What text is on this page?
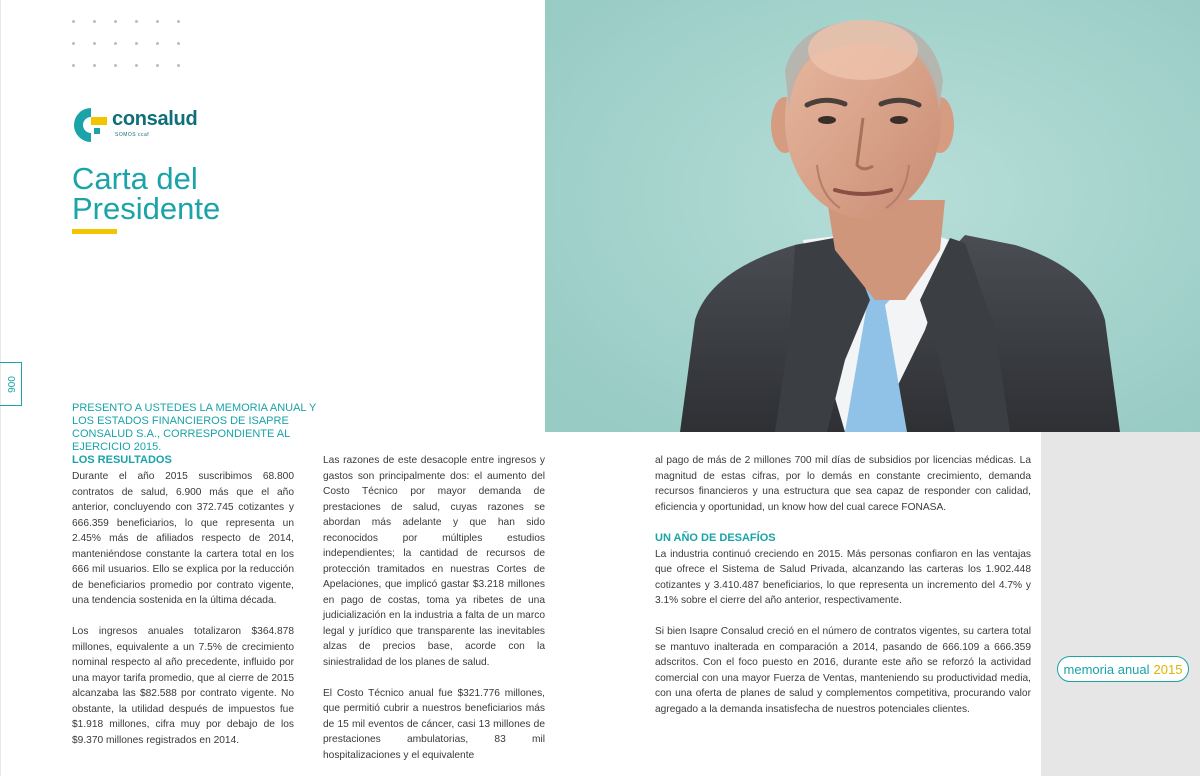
consalud
SOMOS ccaf
Carta del
Presidente
006

PRESENTO A USTEDES LA MEMORIA ANUAL Y LOS ESTADOS FINANCIEROS DE ISAPRE CONSALUD S.A., CORRESPONDIENTE AL EJERCICIO 2015.

LOS RESULTADOS

Durante el año 2015 suscribimos 68.800 contratos de salud, 6.900 más que el año anterior, concluyendo con 372.745 cotizantes y 666.359 beneficiarios, lo que representa un 2.45% más de afiliados respecto de 2014, manteniéndose constante la cartera total en los 666 mil usuarios. Ello se explica por la reducción de beneficiarios promedio por contrato vigente, una tendencia sostenida en la última década.

Los ingresos anuales totalizaron $364.878 millones, equivalente a un 7.5% de crecimiento nominal respecto al año precedente, influido por una mayor tarifa promedio, que al cierre de 2015 alcanzaba las $82.588 por contrato vigente. No obstante, la utilidad después de impuestos fue $1.918 millones, cifra muy por debajo de los $9.370 millones registrados en 2014.

Las razones de este desacople entre ingresos y gastos son principalmente dos: el aumento del Costo Técnico por mayor demanda de prestaciones de salud, cuyas razones se abordan más adelante y que han sido reconocidos por múltiples estudios independientes; la cantidad de recursos de protección tramitados en nuestras Cortes de Apelaciones, que implicó gastar $3.218 millones en pago de costas, toma ya ribetes de una judicialización en la industria a falta de un marco legal y jurídico que transparente las inevitables alzas de precios base, acorde con la siniestralidad de los planes de salud.

El Costo Técnico anual fue $321.776 millones, que permitió cubrir a nuestros beneficiarios más de 15 mil eventos de cáncer, casi 13 millones de prestaciones ambulatorias, 83 mil hospitalizaciones y el equivalente

al pago de más de 2 millones 700 mil días de subsidios por licencias médicas. La magnitud de estas cifras, por lo demás en constante crecimiento, demanda recursos financieros y una estructura que sea capaz de responder con calidad, eficiencia y oportunidad, un know how del cual carece FONASA.

UN AÑO DE DESAFÍOS

La industria continuó creciendo en 2015. Más personas confiaron en las ventajas que ofrece el Sistema de Salud Privada, alcanzando las carteras los 1.902.448 cotizantes y 3.410.487 beneficiarios, lo que representa un incremento del 4.7% y 3.1% sobre el cierre del año anterior, respectivamente.

Si bien Isapre Consalud creció en el número de contratos vigentes, su cartera total se mantuvo inalterada en comparación a 2014, pasando de 666.109 a 666.359 adscritos. Con el foco puesto en 2016, durante este año se reforzó la actividad comercial con una mayor Fuerza de Ventas, manteniendo su productividad media, con una oferta de planes de salud y complementos competitiva, procurando valor agregado a la demanda insatisfecha de nuestros potenciales clientes.

memoria anual 2015
